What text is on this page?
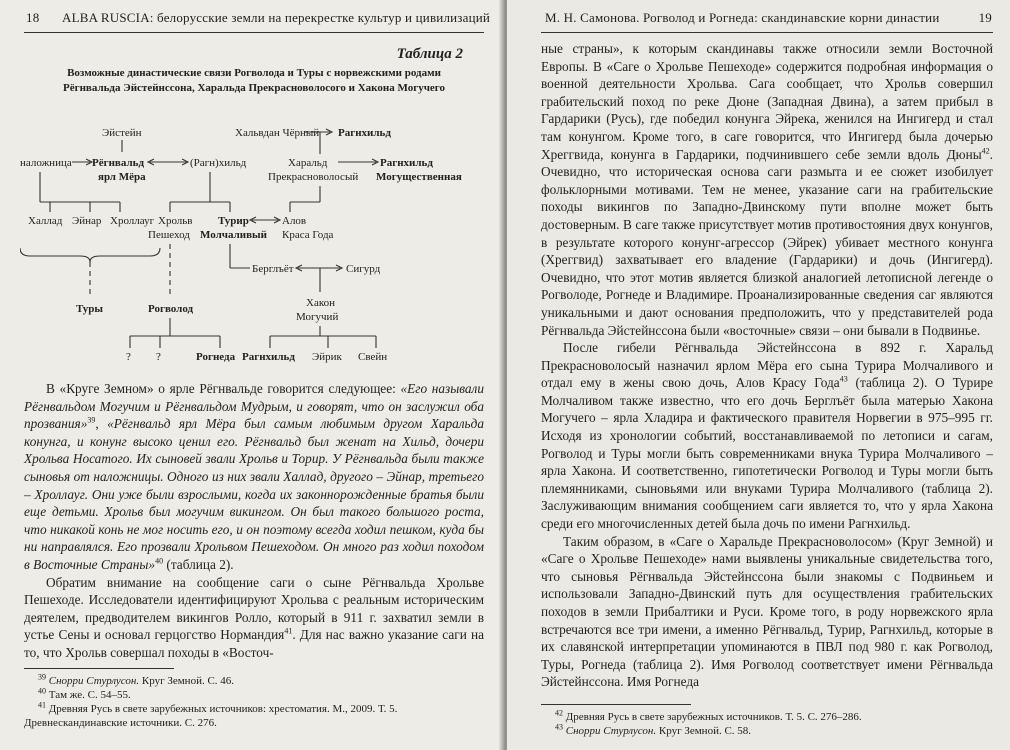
18 ALBA RUSCIA: белорусские земли на перекрестке культур и цивилизаций
Таблица 2
Возможные династические связи Рогволода и Туры с норвежскими родами
Рёгнвальда Эйстейнссона, Харальда Прекрасноволосого и Хакона Могучего
Эйстейн	Хальвдан Чёрный Рагнхильд
наложница Рёгнвальд
ярл Мёра
(Рагн)хильд	Харальд
Прекрасноволосый
Рагнхильд
Могущественная
Халлад Эйнар Хроллауг Хрольв
Пешеход
Турир
Молчаливый
Алов
Краса Года
Берглъёт	Сигурд
Туры	Рогволод	Хакон
Могучий
? ?	Рогнеда Рагнхильд Эйрик Свейн

В «Круге Земном» о ярле Рёгнвальде говорится следующее: «Его называли Рёгнвальдом Могучим и Рёгнвальдом Мудрым, и говорят, что он заслужил оба прозвания»$^{39}$, «Рёгнвальд ярл Мёра был самым любимым другом Харальда конунга, и конунг высоко ценил его. Рёгнвальд был женат на Хильд, дочери Хрольва Носатого. Их сыновей звали Хрольв и Торир. У Рёгнвальда были также сыновья от наложницы. Одного из них звали Халлад, другого – Эйнар, третьего – Хроллауг. Они уже были взрослыми, когда их законнорожденные братья были еще детьми. Хрольв был могучим викингом. Он был такого большого роста, что никакой конь не мог носить его, и он поэтому всегда ходил пешком, куда бы ни направлялся. Его прозвали Хрольвом Пешеходом. Он много раз ходил походом в Восточные Страны»$^{40}$ (таблица 2).

Обратим внимание на сообщение саги о сыне Рёгнвальда Хрольве Пешеходе. Исследователи идентифицируют Хрольва с реальным историческим деятелем, предводителем викингов Ролло, который в 911 г. захватил земли в устье Сены и основал герцогство Нормандия$^{41}$. Для нас важно указание саги на то, что Хрольв совершал походы в «Восточ-

$^{39}$ Снорри Стурлусон. Круг Земной. С. 46.

$^{40}$ Там же. С. 54–55.

$^{41}$ Древняя Русь в свете зарубежных источников: хрестоматия. М., 2009. Т. 5. Древнескандинавские источники. С. 276.

М. Н. Самонова. Рогволод и Рогнеда: скандинавские корни династии	19

ные страны», к которым скандинавы также относили земли Восточной Европы. В «Саге о Хрольве Пешеходе» содержится подробная информация о военной деятельности Хрольва. Сага сообщает, что Хрольв совершил грабительский поход по реке Дюне (Западная Двина), а затем прибыл в Гардарики (Русь), где победил конунга Эйрека, женился на Ингигерд и стал там конунгом. Кроме того, в саге говорится, что Ингигерд была дочерью Хреггвида, конунга в Гардарики, подчинившего себе земли вдоль Дюны$^{42}$. Очевидно, что историческая основа саги размыта и ее сюжет изобилует фольклорными мотивами. Тем не менее, указание саги на грабительские походы викингов по Западно-Двинскому пути вполне может быть достоверным. В саге также присутствует мотив противостояния двух конунгов, в результате которого конунг-агрессор (Эйрек) убивает местного конунга (Хреггвид) захватывает его владение (Гардарики) и дочь (Ингигерд). Очевидно, что этот мотив является близкой аналогией летописной легенде о Рогволоде, Рогнеде и Владимире. Проанализированные сведения саг являются уникальными и дают основания предположить, что у представителей рода Рёгнвальда Эйстейнссона были «восточные» связи – они бывали в Подвинье.

После гибели Рёгнвальда Эйстейнссона в 892 г. Харальд Прекрасноволосый назначил ярлом Мёра его сына Турира Молчаливого и отдал ему в жены свою дочь, Алов Красу Года$^{43}$ (таблица 2). О Турире Молчаливом также известно, что его дочь Берглъёт была матерью Хакона Могучего – ярла Хладира и фактического правителя Норвегии в 975–995 гг. Исходя из хронологии событий, восстанавливаемой по летописи и сагам, Рогволод и Туры могли быть современниками внука Турира Молчаливого – ярла Хакона. И соответственно, гипотетически Рогволод и Туры могли быть племянниками, сыновьями или внуками Турира Молчаливого (таблица 2). Заслуживающим внимания сообщением саги является то, что у ярла Хакона среди его многочисленных детей была дочь по имени Рагнхильд.

Таким образом, в «Саге о Харальде Прекрасноволосом» (Круг Земной) и «Саге о Хрольве Пешеходе» нами выявлены уникальные свидетельства того, что сыновья Рёгнвальда Эйстейнссона были знакомы с Подвиньем и использовали Западно-Двинский путь для осуществления грабительских походов в земли Прибалтики и Руси. Кроме того, в роду норвежского ярла встречаются все три имени, а именно Рёгнвальд, Турир, Рагнхильд, которые в их славянской интерпретации упоминаются в ПВЛ под 980 г. как Рогволод, Туры, Рогнеда (таблица 2). Имя Рогволод соответствует имени Рёгнвальда Эйстейнссона. Имя Рогнеда

$^{42}$ Древняя Русь в свете зарубежных источников. Т. 5. С. 276–286.

$^{43}$ Снорри Стурлусон. Круг Земной. С. 58.
